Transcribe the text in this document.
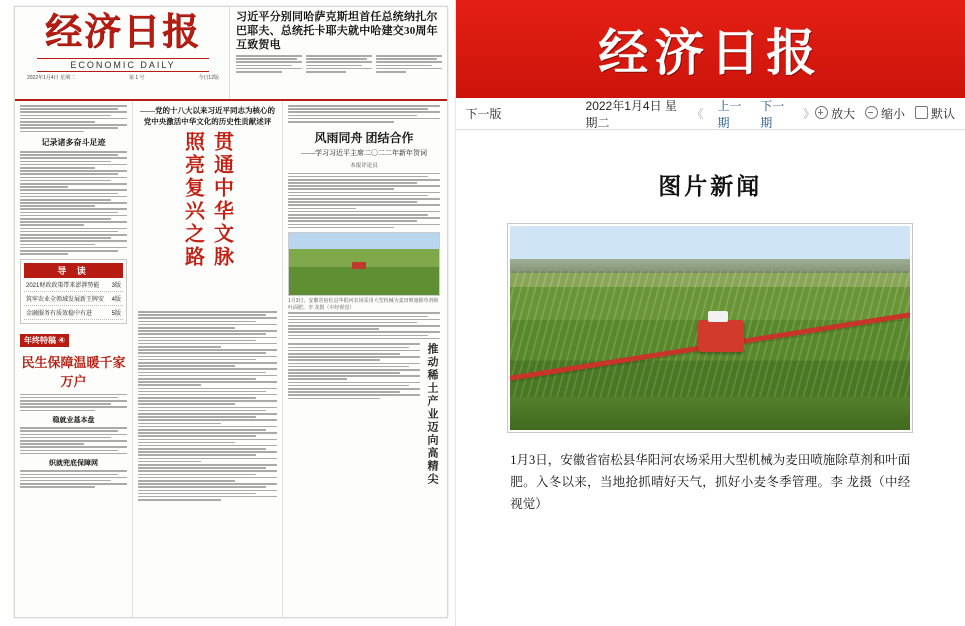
经济日报
ECONOMIC DAILY
2022年1月4日 星期二	第 1 号	今日12版
习近平分别同哈萨克斯坦首任总统纳扎尔巴耶夫、总统托卡耶夫就中哈建交30周年互致贺电
记录诸多奋斗足迹
导 读
2021财政政策带来澎湃势能 3版
筑牢农业全领域发展新王牌安 4版
金融服务有质效稳中有进	5版
年终特稿 ④
民生保障温暖千家万户
稳就业基本盘
织就兜底保障网
——党的十八大以来习近平同志为核心的党中央激活中华文化的历史性贡献述评
贯通中华文脉 照亮复兴之路	风雨同舟 团结合作
——学习习近平主席二〇二二年新年贺词
本报评论员
1月3日，安徽省宿松县华阳河农场采用大型机械为麦田喷施除草剂和叶面肥。李 龙摄（中经视觉）
推动稀土产业迈向高精尖
经济日报
下一版
2022年1月4日 星期二
《
上一期
下一期
》	放大	缩小	默认
图片新闻
1月3日，安徽省宿松县华阳河农场采用大型机械为麦田喷施除草剂和叶面肥。入冬以来，当地抢抓晴好天气，抓好小麦冬季管理。李 龙摄（中经视觉）
